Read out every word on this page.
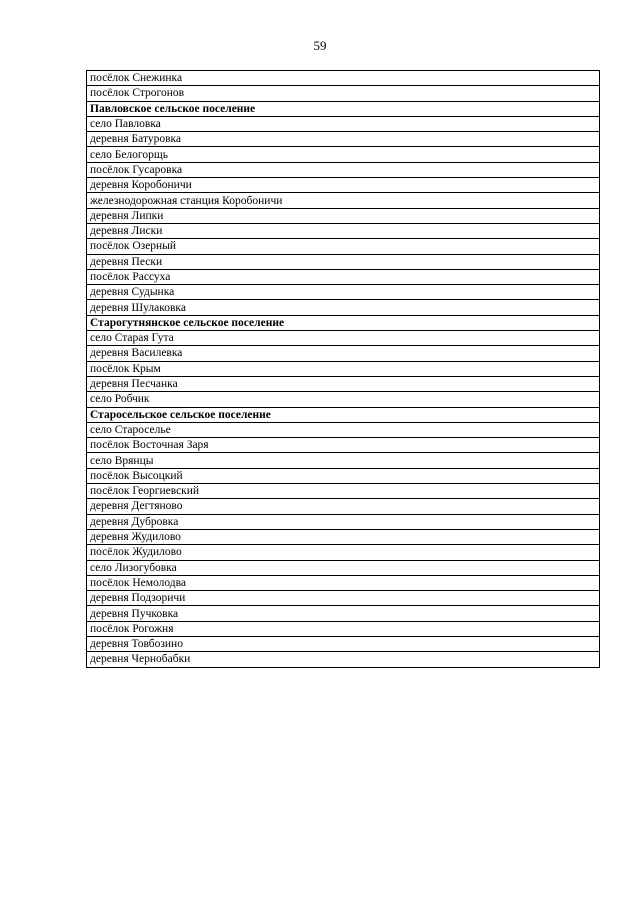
59
посёлок Снежинка
посёлок Строгонов
Павловское сельское поселение
село Павловка
деревня Батуровка
село Белогорщь
посёлок Гусаровка
деревня Коробоничи
железнодорожная станция Коробоничи
деревня Липки
деревня Лиски
посёлок Озерный
деревня Пески
посёлок Рассуха
деревня Судынка
деревня Шулаковка
Старогутнянское сельское поселение
село Старая Гута
деревня Василевка
посёлок Крым
деревня Песчанка
село Робчик
Старосельское сельское поселение
село Староселье
посёлок Восточная Заря
село Врянцы
посёлок Высоцкий
посёлок Георгиевский
деревня Дегтяново
деревня Дубровка
деревня Жудилово
посёлок Жудилово
село Лизогубовка
посёлок Немолодва
деревня Подзоричи
деревня Пучковка
посёлок Рогожня
деревня Товбозино
деревня Чернобабки
